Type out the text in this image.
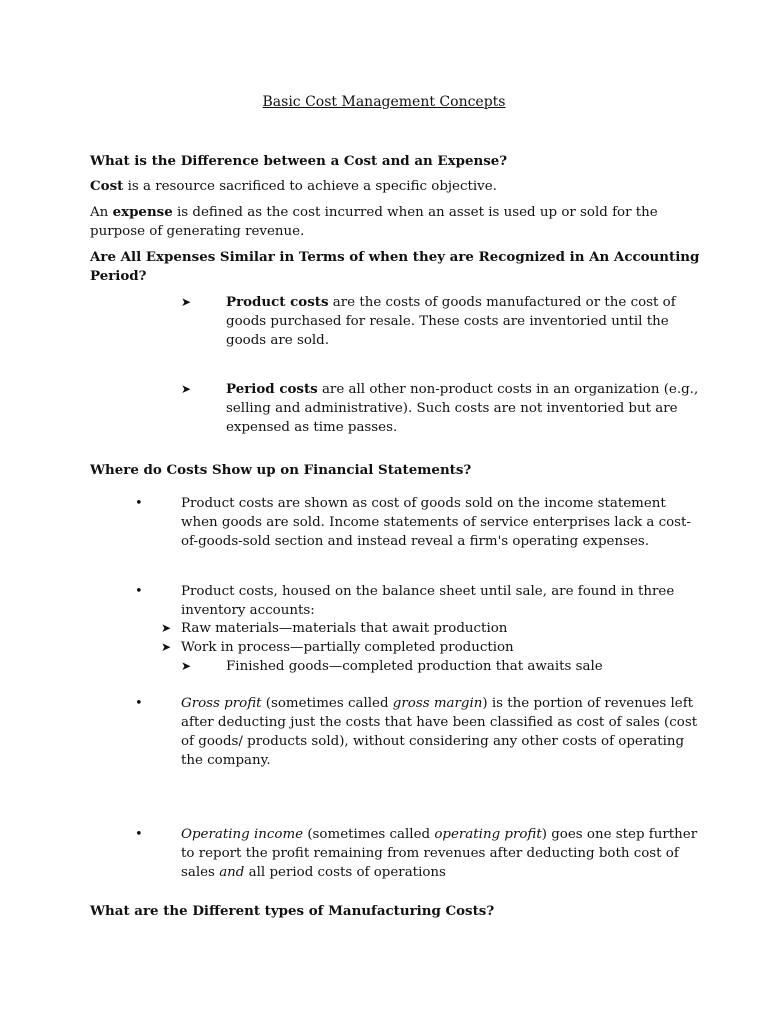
Basic Cost Management Concepts
What is the Difference between a Cost and an Expense?

Cost is a resource sacrificed to achieve a specific objective.

An expense is defined as the cost incurred when an asset is used up or sold for the
purpose of generating revenue.

Are All Expenses Similar in Terms of when they are Recognized in An Accounting
Period?

➤	Product costs are the costs of goods manufactured or the cost of
goods purchased for resale. These costs are inventoried until the
goods are sold.

➤	Period costs are all other non-product costs in an organization (e.g.,
selling and administrative). Such costs are not inventoried but are
expensed as time passes.

Where do Costs Show up on Financial Statements?
•	Product costs are shown as cost of goods sold on the income statement
when goods are sold. Income statements of service enterprises lack a cost-
of-goods-sold section and instead reveal a firm's operating expenses.

•	Product costs, housed on the balance sheet until sale, are found in three
inventory accounts:

➤ Raw materials—materials that await production
➤ Work in process—partially completed production
➤	Finished goods—completed production that awaits sale
•	Gross profit (sometimes called gross margin) is the portion of revenues left
after deducting just the costs that have been classified as cost of sales (cost
of goods/ products sold), without considering any other costs of operating
the company.

•	Operating income (sometimes called operating profit) goes one step further
to report the profit remaining from revenues after deducting both cost of
sales and all period costs of operations

What are the Different types of Manufacturing Costs?
